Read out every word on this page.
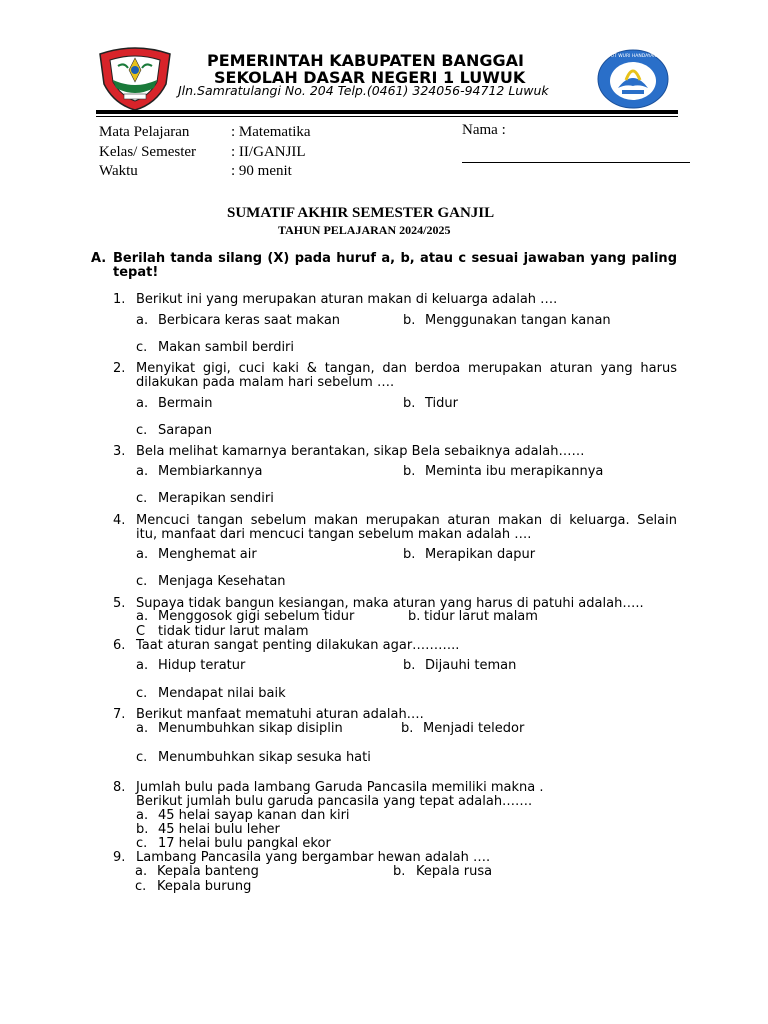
TUT WURI HANDAYANI
PEMERINTAH KABUPATEN BANGGAI
SEKOLAH DASAR NEGERI 1 LUWUK
Jln.Samratulangi No. 204 Telp.(0461) 324056-94712 Luwuk
Mata Pelajaran	: Matematika
Kelas/ Semester : II/GANJIL
Waktu	: 90 menit
Nama :
SUMATIF AKHIR SEMESTER GANJIL
TAHUN PELAJARAN 2024/2025
A. Berilah tanda silang (X) pada huruf a, b, atau c sesuai jawaban yang paling
tepat!
1. Berikut ini yang merupakan aturan makan di keluarga adalah ….
a. Berbicara keras saat makan	b. Menggunakan tangan kanan
c. Makan sambil berdiri
2. Menyikat gigi, cuci kaki & tangan, dan berdoa merupakan aturan yang harus
dilakukan pada malam hari sebelum ….
a. Bermain	b. Tidur
c. Sarapan
3. Bela melihat kamarnya berantakan, sikap Bela sebaiknya adalah……
a. Membiarkannya	b. Meminta ibu merapikannya
c. Merapikan sendiri
4. Mencuci tangan sebelum makan merupakan aturan makan di keluarga. Selain
itu, manfaat dari mencuci tangan sebelum makan adalah ….
a. Menghemat air	b. Merapikan dapur
c. Menjaga Kesehatan
5. Supaya tidak bangun kesiangan, maka aturan yang harus di patuhi adalah…..
a. Menggosok gigi sebelum tidur	b. tidur larut malam
C tidak tidur larut malam
6. Taat aturan sangat penting dilakukan agar………..
a. Hidup teratur	b. Dijauhi teman
c. Mendapat nilai baik
7. Berikut manfaat mematuhi aturan adalah….
a. Menumbuhkan sikap disiplin	b. Menjadi teledor
c. Menumbuhkan sikap sesuka hati
8. Jumlah bulu pada lambang Garuda Pancasila memiliki makna .
Berikut jumlah bulu garuda pancasila yang tepat adalah…….
a. 45 helai sayap kanan dan kiri
b. 45 helai bulu leher
c. 17 helai bulu pangkal ekor
9. Lambang Pancasila yang bergambar hewan adalah ….
a. Kepala banteng	b. Kepala rusa
c. Kepala burung
